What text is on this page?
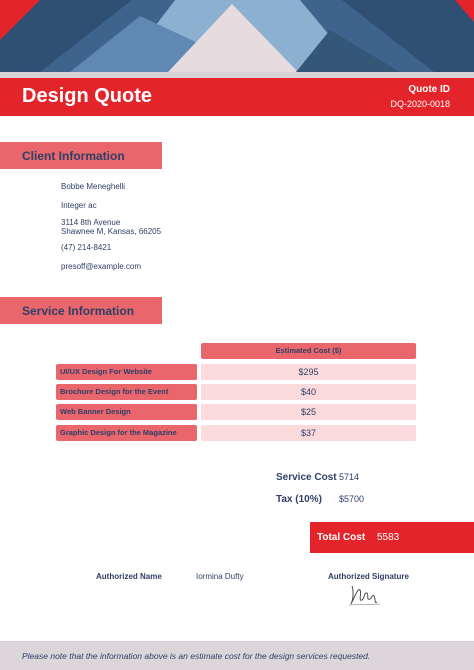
Design Quote	Quote ID
DQ-2020-0018
Client Information
Bobbe Meneghelli
Integer ac
3114 8th Avenue
Shawnee M, Kansas, 66205
(47) 214-8421
presoff@example.com
Service Information
Estimated Cost ($)
UI/UX Design For Website	$295
Brochure Design for the Event	$40
Web Banner Design	$25
Graphic Design for the Magazine	$37
Service Cost 5714
Tax (10%) $5700
Total Cost 5583
Authorized Name	Iormina Dufty	Authorized Signature
Please note that the information above is an estimate cost for the design services requested.
